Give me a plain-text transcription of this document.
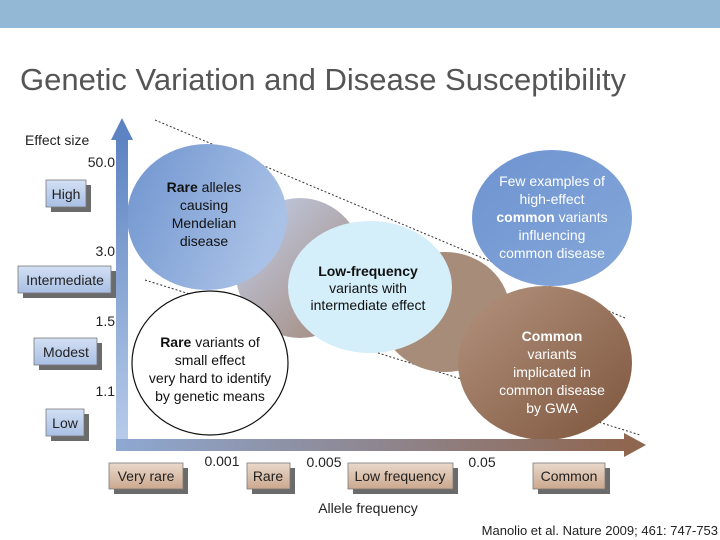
Genetic Variation and Disease Susceptibility
Effect size
50.0
3.0
1.5
1.1
High
Intermediate
Modest
Low
0.001	0.005	0.05
Very rare	Rare	Low frequency	Common
Allele frequency
Rare alleles causing Mendelian disease
Few examples of high-effect common variants influencing common disease
Low-frequency variants with intermediate effect
Rare variants of small effect very hard to identify by genetic means
Common variants implicated in common disease by GWA
Manolio et al. Nature 2009; 461: 747-753
